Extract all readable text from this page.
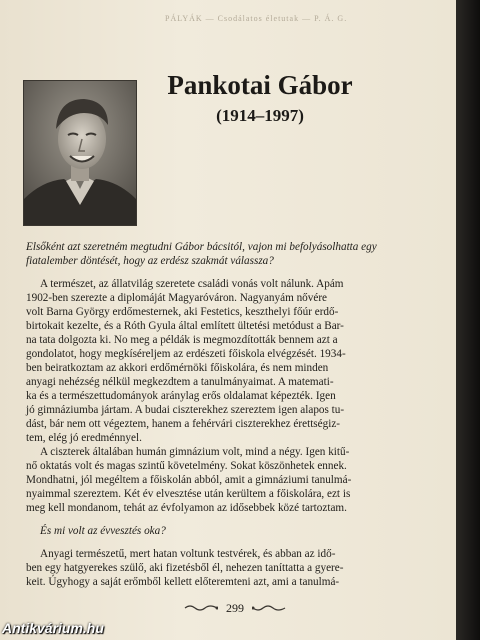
PÁLYÁK — Csodálatos életutak — P. Á. G.
Pankotai Gábor
(1914–1997)

Elsőként azt szeretném megtudni Gábor bácsitól, vajon mi befolyásolhatta egy

fiatalember döntését, hogy az erdész szakmát válassza?

A természet, az állatvilág szeretete családi vonás volt nálunk. Apám

1902-ben szerezte a diplomáját Magyaróváron. Nagyanyám nővére

volt Barna György erdőmesternek, aki Festetics, keszthelyi főúr erdő-

birtokait kezelte, és a Róth Gyula által említett ültetési metódust a Bar-

na tata dolgozta ki. No meg a példák is megmozdították bennem azt a

gondolatot, hogy megkíséreljem az erdészeti főiskola elvégzését. 1934-

ben beiratkoztam az akkori erdőmérnöki főiskolára, és nem minden

anyagi nehézség nélkül megkezdtem a tanulmányaimat. A matemati-

ka és a természettudományok aránylag erős oldalamat képezték. Igen

jó gimnáziumba jártam. A budai ciszterekhez szereztem igen alapos tu-

dást, bár nem ott végeztem, hanem a fehérvári ciszterekhez érettségiz-

tem, elég jó eredménnyel.

A ciszterek általában humán gimnázium volt, mind a négy. Igen kitű-

nő oktatás volt és magas szintű követelmény. Sokat köszönhetek ennek.

Mondhatni, jól megéltem a főiskolán abból, amit a gimnáziumi tanulmá-

nyaimmal szereztem. Két év elvesztése után kerültem a főiskolára, ezt is

meg kell mondanom, tehát az évfolyamon az idősebbek közé tartoztam.

És mi volt az évvesztés oka?

Anyagi természetű, mert hatan voltunk testvérek, és abban az idő-

ben egy hatgyerekes szülő, aki fizetésből él, nehezen taníttatta a gyere-

keit. Úgyhogy a saját erőmből kellett előteremteni azt, ami a tanulmá-

299
Antikvárium.hu
